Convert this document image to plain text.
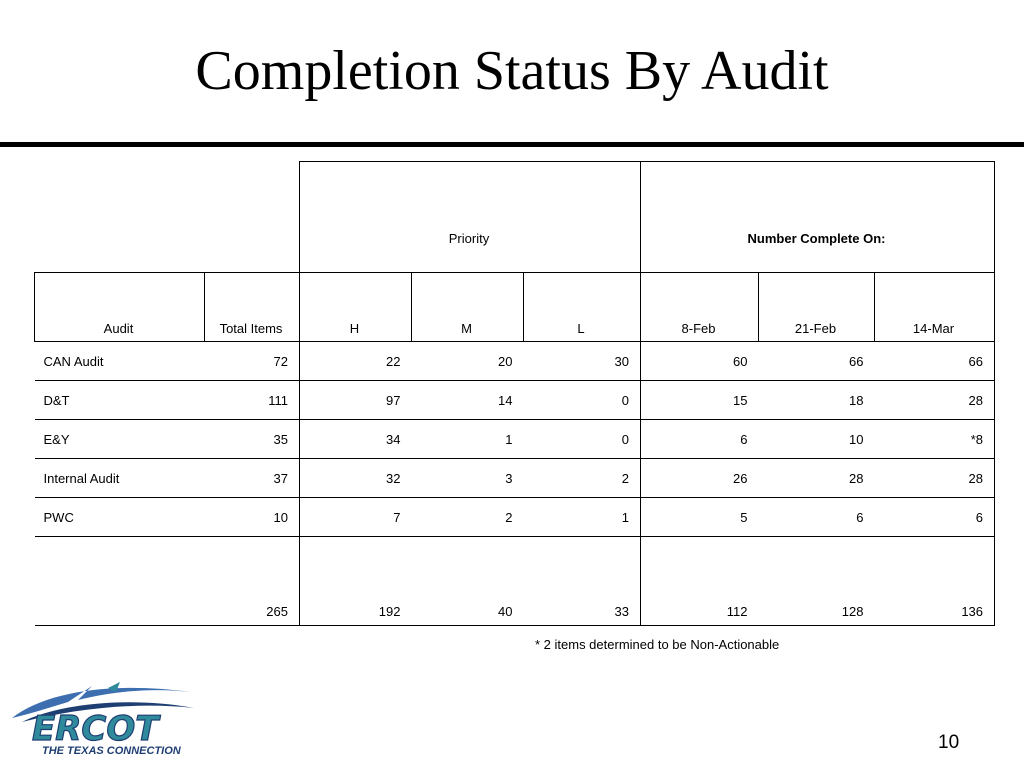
Completion Status By Audit
		Priority			Number Complete On:		
Audit	Total Items	H	M	L	8-Feb	21-Feb	14-Mar
CAN Audit	72	22	20	30	60	66	66
D&T	111	97	14	0	15	18	28
E&Y	35	34	1	0	6	10	*8
Internal Audit	37	32	3	2	26	28	28
PWC	10	7	2	1	5	6	6
	265	192	40	33	112	128	136
* 2 items determined to be Non-Actionable
ERCOT
THE TEXAS CONNECTION	10
